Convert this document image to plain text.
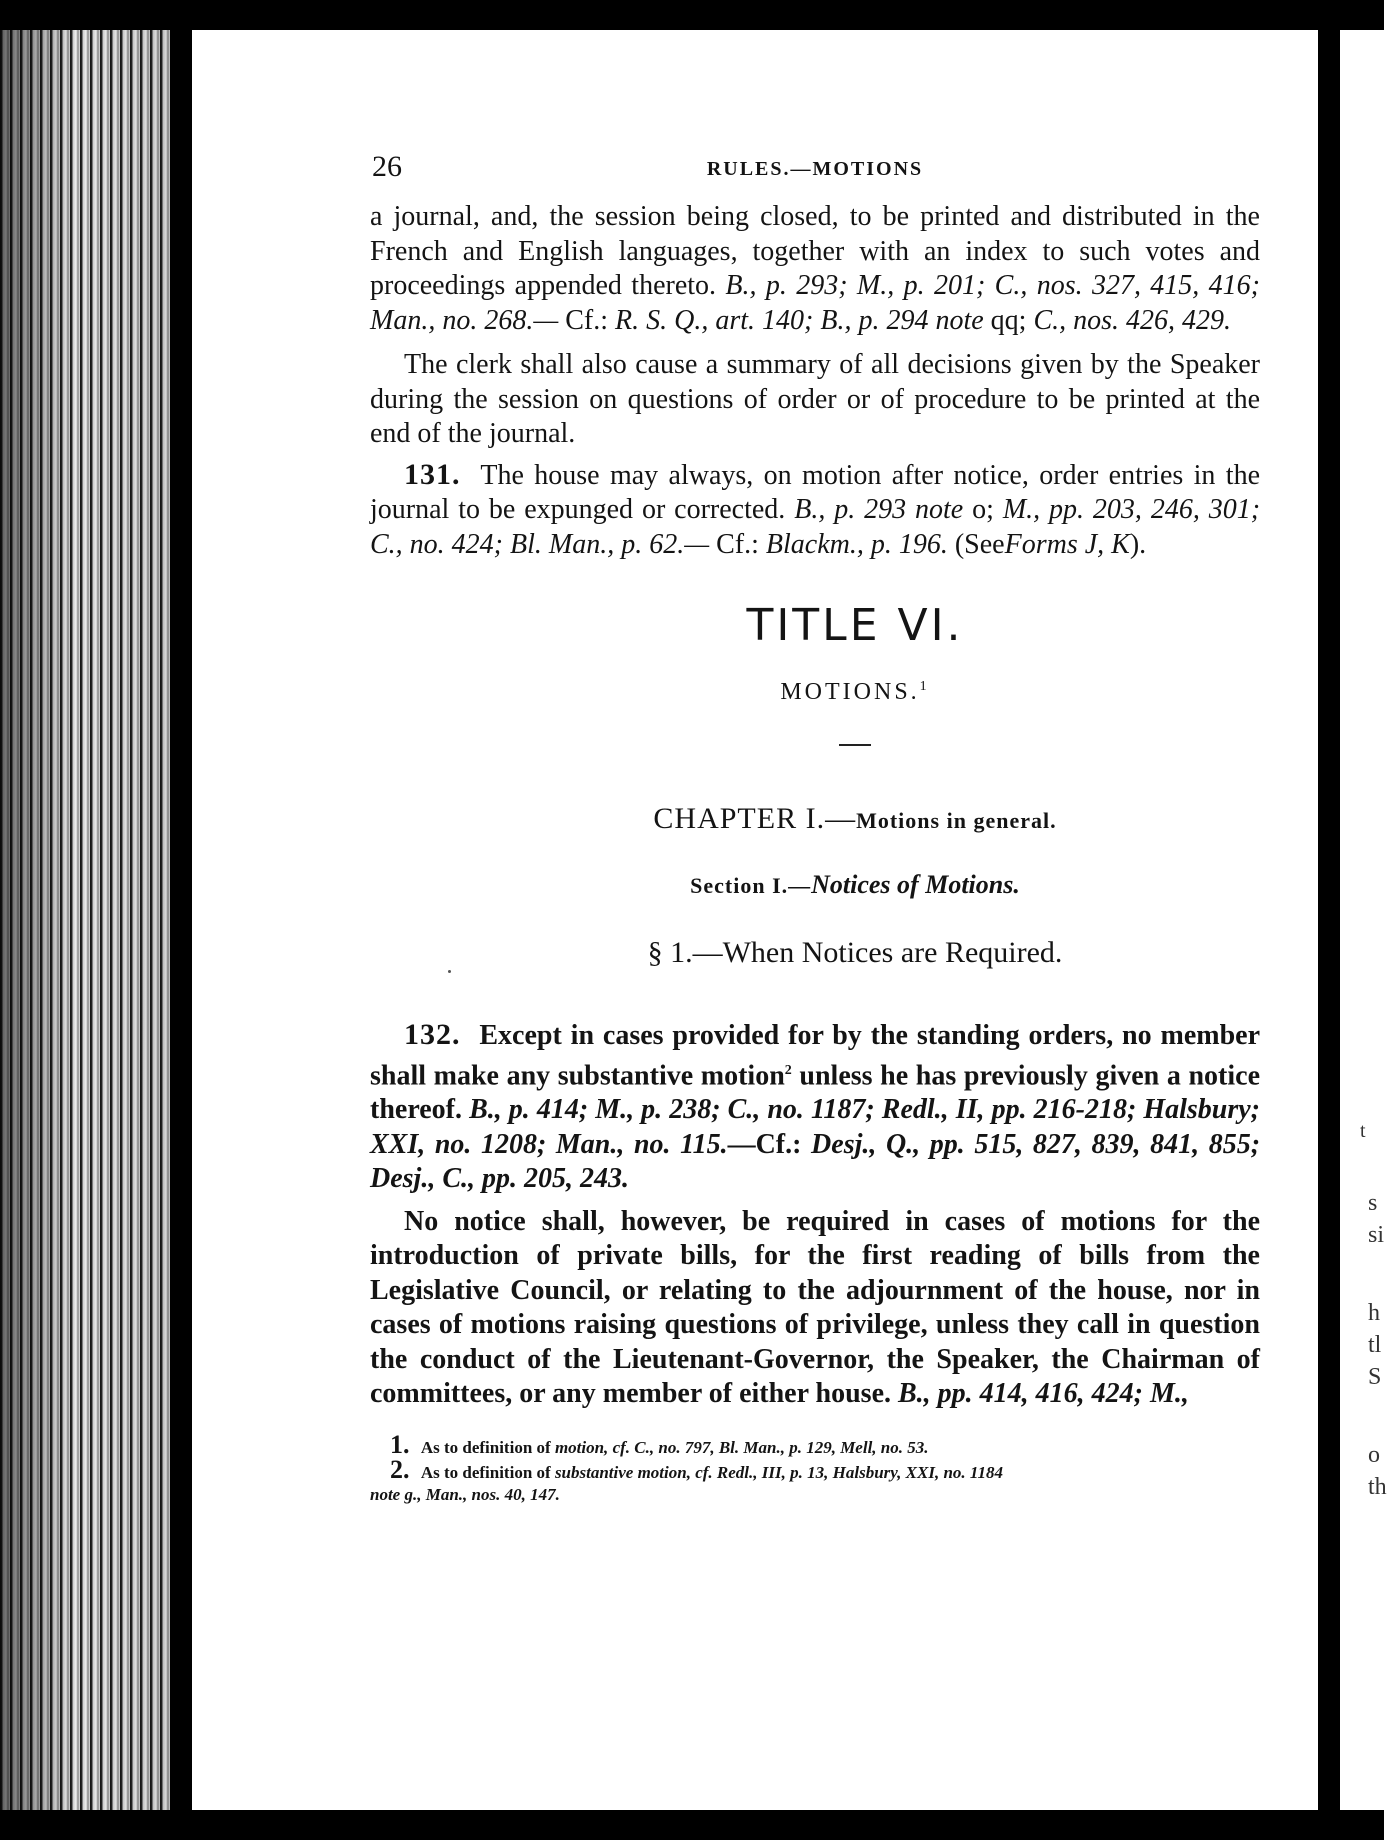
t
s
si
h
tl
S
o
th
26	RULES.—MOTIONS

a journal, and, the session being closed, to be printed and distributed in the French and English languages, together with an index to such votes and proceedings appended thereto. B., p. 293; M., p. 201; C., nos. 327, 415, 416; Man., no. 268.— Cf.: R. S. Q., art. 140; B., p. 294 note qq; C., nos. 426, 429.

The clerk shall also cause a summary of all decisions given by the Speaker during the session on questions of order or of procedure to be printed at the end of the journal.

131. The house may always, on motion after notice, order entries in the journal to be expunged or corrected. B., p. 293 note o; M., pp. 203, 246, 301; C., no. 424; Bl. Man., p. 62.— Cf.: Blackm., p. 196. (SeeForms J, K).

TITLE VI.
MOTIONS.$^1$
CHAPTER I.—Motions in general.
Section I.—Notices of Motions.
§ 1.—When Notices are Required.

132. Except in cases provided for by the standing orders, no member shall make any substantive motion$^2$ unless he has previously given a notice thereof. B., p. 414; M., p. 238; C., no. 1187; Redl., II, pp. 216-218; Halsbury; XXI, no. 1208; Man., no. 115.—Cf.: Desj., Q., pp. 515, 827, 839, 841, 855; Desj., C., pp. 205, 243.

No notice shall, however, be required in cases of motions for the introduction of private bills, for the first reading of bills from the Legislative Council, or relating to the adjournment of the house, nor in cases of motions raising questions of privilege, unless they call in question the conduct of the Lieutenant-Governor, the Speaker, the Chairman of committees, or any member of either house. B., pp. 414, 416, 424; M.,

1. As to definition of motion, cf. C., no. 797, Bl. Man., p. 129, Mell, no. 53.
2. As to definition of substantive motion, cf. Redl., III, p. 13, Halsbury, XXI, no. 1184
note g., Man., nos. 40, 147.
